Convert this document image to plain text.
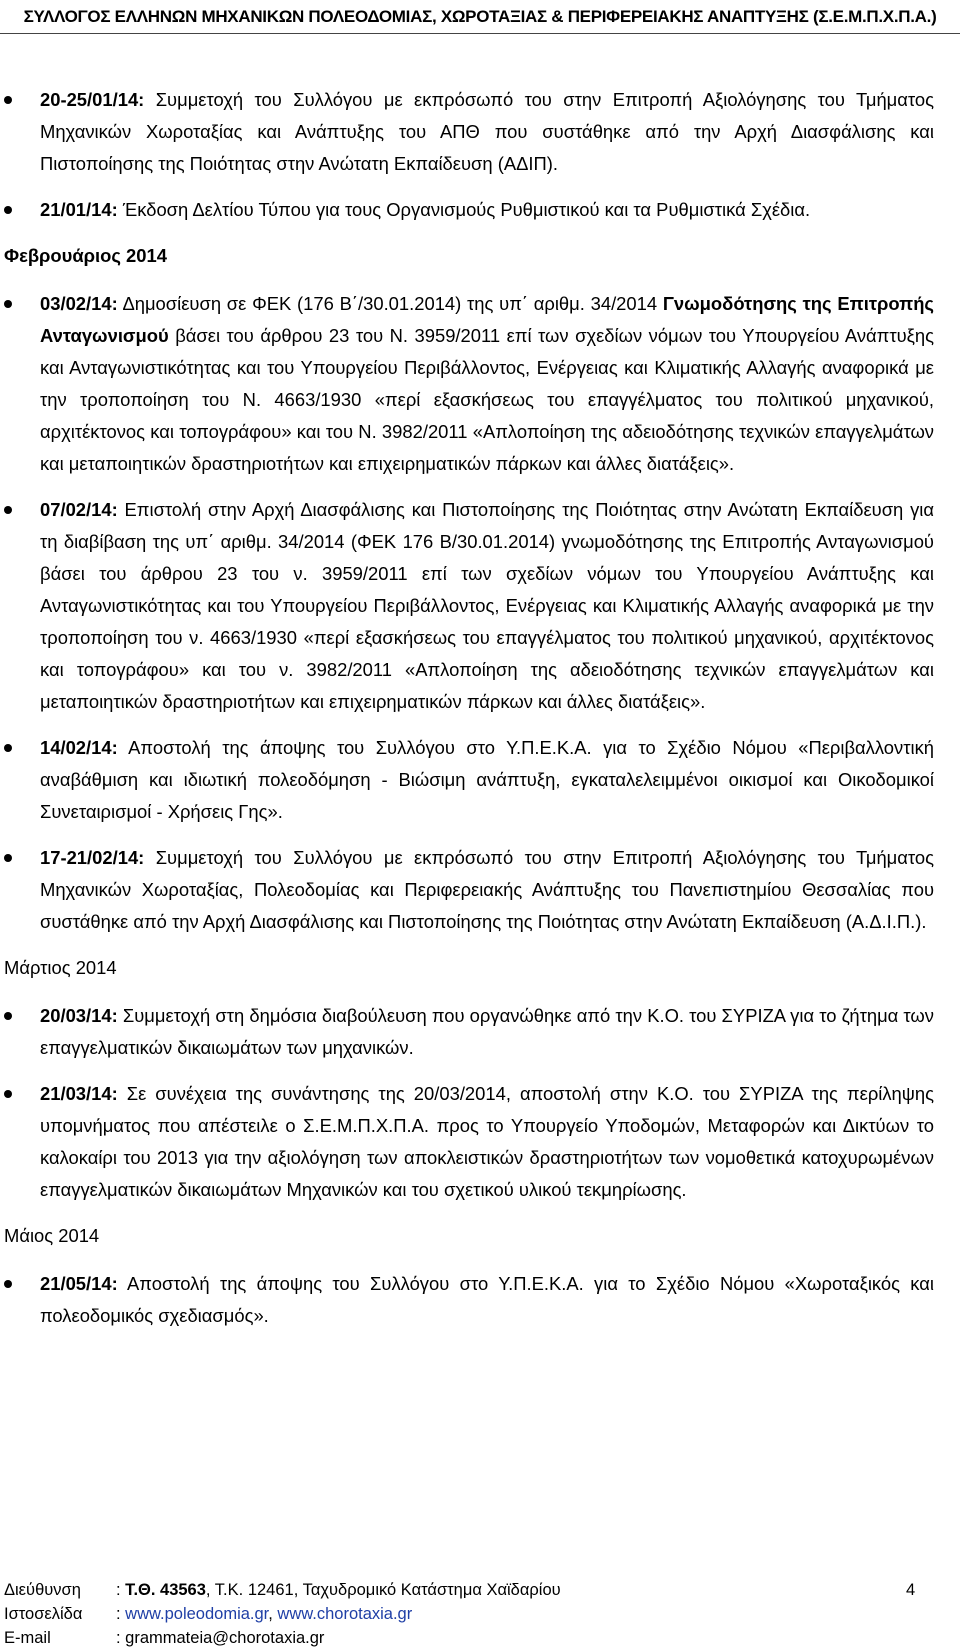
ΣΥΛΛΟΓΟΣ ΕΛΛΗΝΩΝ ΜΗΧΑΝΙΚΩΝ ΠΟΛΕΟΔΟΜΙΑΣ, ΧΩΡΟΤΑΞΙΑΣ & ΠΕΡΙΦΕΡΕΙΑΚΗΣ ΑΝΑΠΤΥΞΗΣ (Σ.Ε.Μ.Π.Χ.Π.Α.)
20-25/01/14: Συμμετοχή του Συλλόγου με εκπρόσωπό του στην Επιτροπή Αξιολόγησης του Τμήματος Μηχανικών Χωροταξίας και Ανάπτυξης του ΑΠΘ που συστάθηκε από την Αρχή Διασφάλισης και Πιστοποίησης της Ποιότητας στην Ανώτατη Εκπαίδευση (ΑΔΙΠ).
21/01/14: Έκδοση Δελτίου Τύπου για τους Οργανισμούς Ρυθμιστικού και τα Ρυθμιστικά Σχέδια.
Φεβρουάριος 2014
03/02/14: Δημοσίευση σε ΦΕΚ (176 Β΄/30.01.2014) της υπ΄ αριθμ. 34/2014 Γνωμοδότησης της Επιτροπής Ανταγωνισμού βάσει του άρθρου 23 του Ν. 3959/2011 επί των σχεδίων νόμων του Υπουργείου Ανάπτυξης και Ανταγωνιστικότητας και του Υπουργείου Περιβάλλοντος, Ενέργειας και Κλιματικής Αλλαγής αναφορικά με την τροποποίηση του Ν. 4663/1930 «περί εξασκήσεως του επαγγέλματος του πολιτικού μηχανικού, αρχιτέκτονος και τοπογράφου» και του Ν. 3982/2011 «Απλοποίηση της αδειοδότησης τεχνικών επαγγελμάτων και μεταποιητικών δραστηριοτήτων και επιχειρηματικών πάρκων και άλλες διατάξεις».
07/02/14: Επιστολή στην Αρχή Διασφάλισης και Πιστοποίησης της Ποιότητας στην Ανώτατη Εκπαίδευση για τη διαβίβαση της υπ΄ αριθμ. 34/2014 (ΦΕΚ 176 Β/30.01.2014) γνωμοδότησης της Επιτροπής Ανταγωνισμού βάσει του άρθρου 23 του ν. 3959/2011 επί των σχεδίων νόμων του Υπουργείου Ανάπτυξης και Ανταγωνιστικότητας και του Υπουργείου Περιβάλλοντος, Ενέργειας και Κλιματικής Αλλαγής αναφορικά με την τροποποίηση του ν. 4663/1930 «περί εξασκήσεως του επαγγέλματος του πολιτικού μηχανικού, αρχιτέκτονος και τοπογράφου» και του ν. 3982/2011 «Απλοποίηση της αδειοδότησης τεχνικών επαγγελμάτων και μεταποιητικών δραστηριοτήτων και επιχειρηματικών πάρκων και άλλες διατάξεις».
14/02/14: Αποστολή της άποψης του Συλλόγου στο Υ.Π.Ε.Κ.Α. για το Σχέδιο Νόμου «Περιβαλλοντική αναβάθμιση και ιδιωτική πολεοδόμηση - Βιώσιμη ανάπτυξη, εγκαταλελειμμένοι οικισμοί και Οικοδομικοί Συνεταιρισμοί - Χρήσεις Γης».
17-21/02/14: Συμμετοχή του Συλλόγου με εκπρόσωπό του στην Επιτροπή Αξιολόγησης του Τμήματος Μηχανικών Χωροταξίας, Πολεοδομίας και Περιφερειακής Ανάπτυξης του Πανεπιστημίου Θεσσαλίας που συστάθηκε από την Αρχή Διασφάλισης και Πιστοποίησης της Ποιότητας στην Ανώτατη Εκπαίδευση (Α.Δ.Ι.Π.).
Μάρτιος 2014
20/03/14: Συμμετοχή στη δημόσια διαβούλευση που οργανώθηκε από την Κ.Ο. του ΣΥΡΙΖΑ για το ζήτημα των επαγγελματικών δικαιωμάτων των μηχανικών.
21/03/14: Σε συνέχεια της συνάντησης της 20/03/2014, αποστολή στην Κ.Ο. του ΣΥΡΙΖΑ της περίληψης υπομνήματος που απέστειλε ο Σ.Ε.Μ.Π.Χ.Π.Α. προς το Υπουργείο Υποδομών, Μεταφορών και Δικτύων το καλοκαίρι του 2013 για την αξιολόγηση των αποκλειστικών δραστηριοτήτων των νομοθετικά κατοχυρωμένων επαγγελματικών δικαιωμάτων Μηχανικών και του σχετικού υλικού τεκμηρίωσης.
Μάιος 2014
21/05/14: Αποστολή της άποψης του Συλλόγου στο Υ.Π.Ε.Κ.Α. για το Σχέδιο Νόμου «Χωροταξικός και πολεοδομικός σχεδιασμός».
Διεύθυνση : Τ.Θ. 43563, Τ.Κ. 12461, Ταχυδρομικό Κατάστημα Χαϊδαρίου	4
Ιστοσελίδα : www.poleodomia.gr, www.chorotaxia.gr
E-mail	: grammateia@chorotaxia.gr
